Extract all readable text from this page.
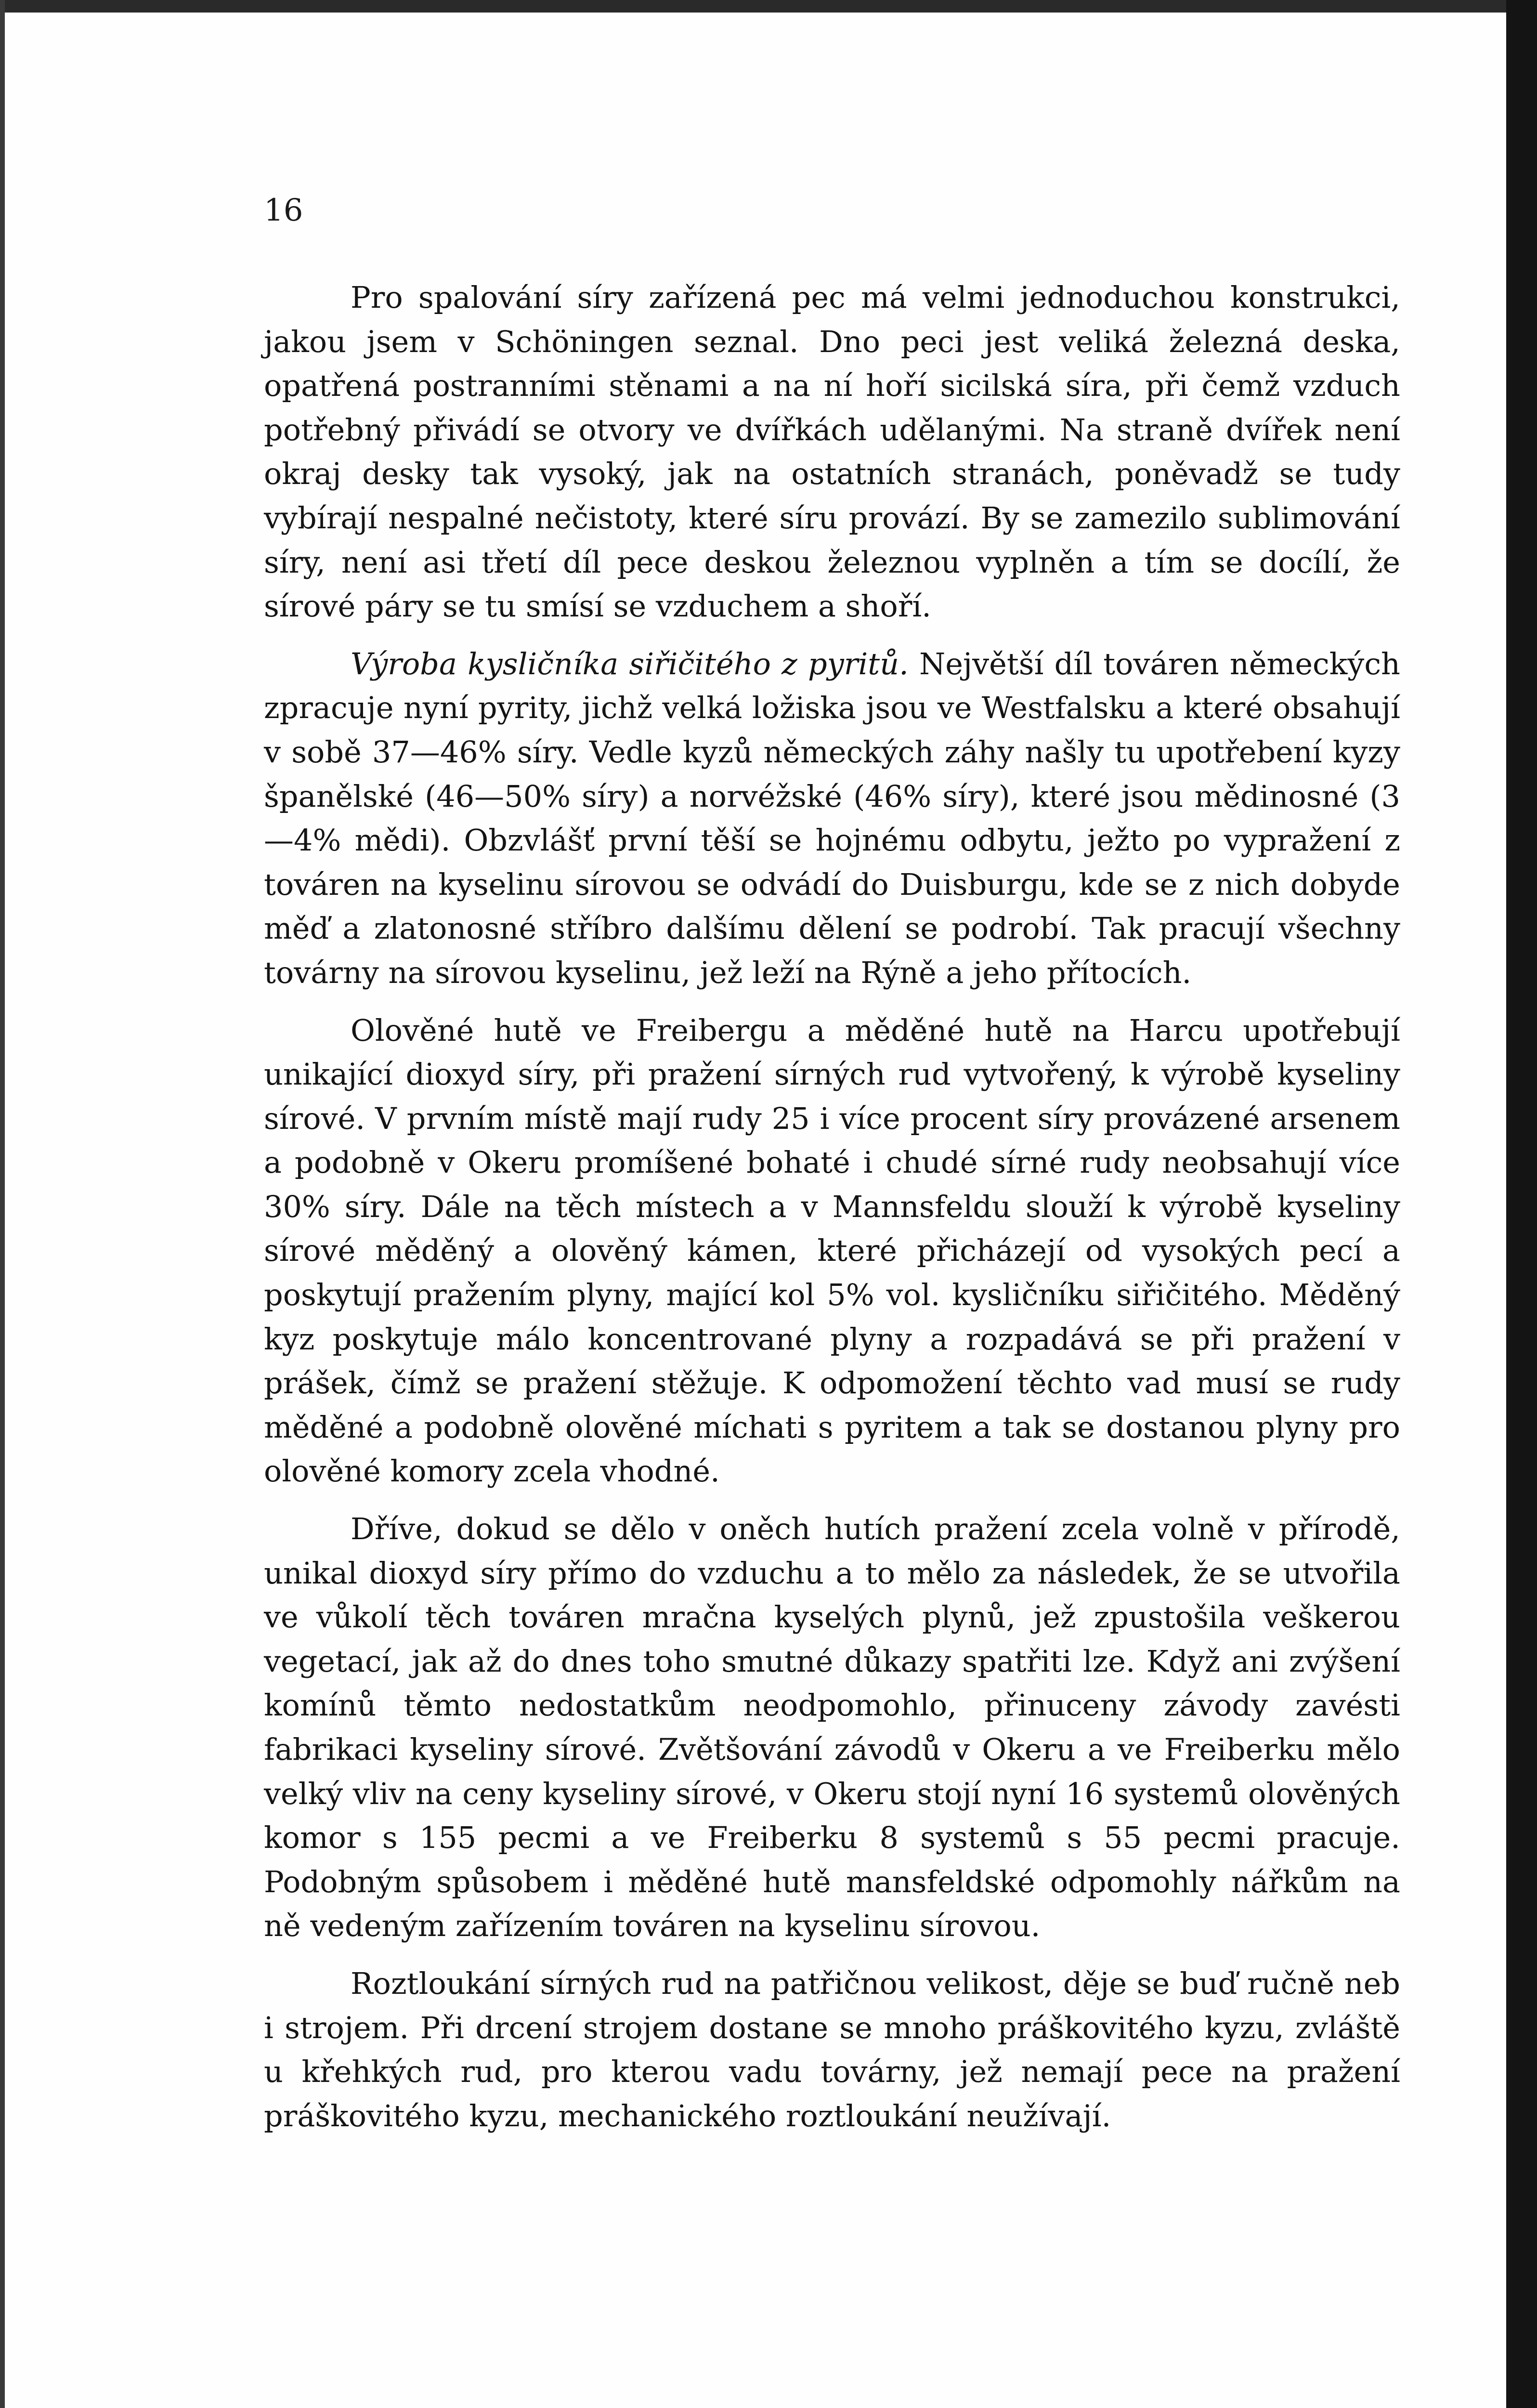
16

Pro spalování síry zařízená pec má velmi jednoduchou konstrukci, jakou jsem v Schöningen seznal. Dno peci jest veliká železná deska, opatřená postranními stěnami a na ní hoří sicilská síra, při čemž vzduch potřebný přivádí se otvory ve dvířkách udělanými. Na straně dvířek není okraj desky tak vysoký, jak na ostatních stranách, poněvadž se tudy vybírají nespalné nečistoty, které síru provází. By se zamezilo sublimování síry, není asi třetí díl pece deskou železnou vyplněn a tím se docílí, že sírové páry se tu smísí se vzduchem a shoří.

Výroba kysličníka siřičitého z pyritů. Největší díl továren německých zpracuje nyní pyrity, jichž velká ložiska jsou ve Westfalsku a které obsahují v sobě 37—46% síry. Vedle kyzů německých záhy našly tu upotřebení kyzy španělské (46—50% síry) a norvéžské (46% síry), které jsou mědinosné (3—4% mědi). Obzvlášť první těší se hojnému odbytu, ježto po vypražení z továren na kyselinu sírovou se odvádí do Duisburgu, kde se z nich dobyde měď a zlatonosné stříbro dalšímu dělení se podrobí. Tak pracují všechny továrny na sírovou kyselinu, jež leží na Rýně a jeho přítocích.

Olověné hutě ve Freibergu a měděné hutě na Harcu upotřebují unikající dioxyd síry, při pražení sírných rud vytvořený, k výrobě kyseliny sírové. V prvním místě mají rudy 25 i více procent síry provázené arsenem a podobně v Okeru promíšené bohaté i chudé sírné rudy neobsahují více 30% síry. Dále na těch místech a v Mannsfeldu slouží k výrobě kyseliny sírové měděný a olověný kámen, které přicházejí od vysokých pecí a poskytují pražením plyny, mající kol 5% vol. kysličníku siřičitého. Měděný kyz poskytuje málo koncentrované plyny a rozpadává se při pražení v prášek, čímž se pražení stěžuje. K odpomožení těchto vad musí se rudy měděné a podobně olověné míchati s pyritem a tak se dostanou plyny pro olověné komory zcela vhodné.

Dříve, dokud se dělo v oněch hutích pražení zcela volně v přírodě, unikal dioxyd síry přímo do vzduchu a to mělo za následek, že se utvořila ve vůkolí těch továren mračna kyselých plynů, jež zpustošila veškerou vegetací, jak až do dnes toho smutné důkazy spatřiti lze. Když ani zvýšení komínů těmto nedostatkům neodpomohlo, přinuceny závody zavésti fabrikaci kyseliny sírové. Zvětšování závodů v Okeru a ve Freiberku mělo velký vliv na ceny kyseliny sírové, v Okeru stojí nyní 16 systemů olověných komor s 155 pecmi a ve Freiberku 8 systemů s 55 pecmi pracuje. Podobným spůsobem i měděné hutě mansfeldské odpomohly nářkům na ně vedeným zařízením továren na kyselinu sírovou.

Roztloukání sírných rud na patřičnou velikost, děje se buď ručně neb i strojem. Při drcení strojem dostane se mnoho práškovitého kyzu, zvláště u křehkých rud, pro kterou vadu továrny, jež nemají pece na pražení práškovitého kyzu, mechanického roztloukání neužívají.
